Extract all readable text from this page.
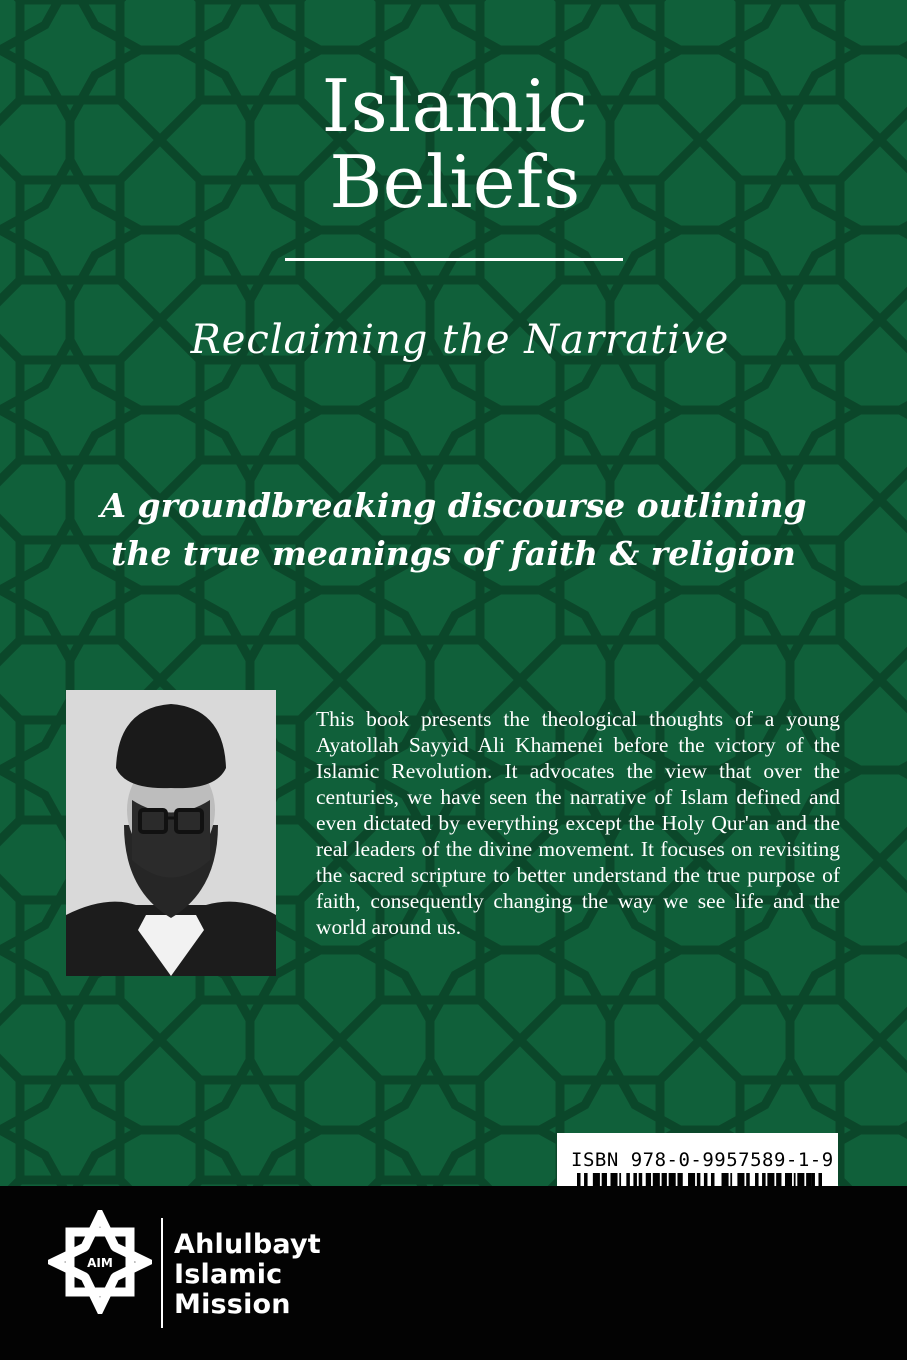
Islamic
Beliefs
Reclaiming the Narrative
A groundbreaking discourse outlining
the true meanings of faith & religion

This book presents the theological thoughts of a young Ayatollah Sayyid Ali Khamenei before the victory of the Islamic Revolution. It advocates the view that over the centuries, we have seen the narrative of Islam defined and even dictated by everything except the Holy Qur'an and the real leaders of the divine movement. It focuses on revisiting the sacred scripture to better understand the true purpose of faith, consequently changing the way we see life and the world around us.

ISBN 978-0-9957589-1-9
AIM
Ahlulbayt
Islamic
Mission
